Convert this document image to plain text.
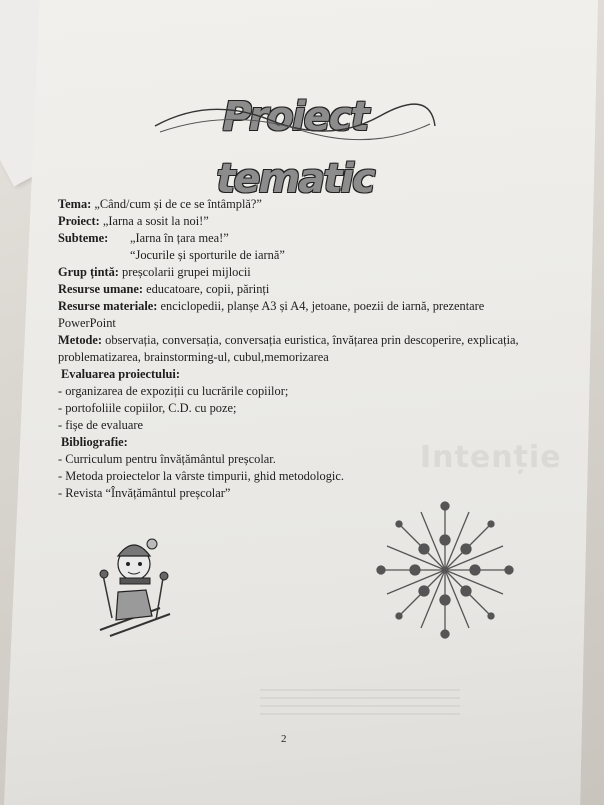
Proiect tematic
Tema: „Când/cum și de ce se întâmplă?”
Proiect: „Iarna a sosit la noi!”
Subteme: „Iarna în țara mea!”
“Jocurile și sporturile de iarnă”
Grup țintă: preșcolarii grupei mijlocii
Resurse umane: educatoare, copii, părinți
Resurse materiale: enciclopedii, planșe A3 și A4, jetoane, poezii de iarnă, prezentare
PowerPoint
Metode: observația, conversația, conversația euristica, învățarea prin descoperire, explicația,
problematizarea, brainstorming-ul, cubul,memorizarea
Evaluarea proiectului:
- organizarea de expoziții cu lucrările copiilor;
- portofoliile copiilor, C.D. cu poze;
- fișe de evaluare
Bibliografie:
- Curriculum pentru învățământul preșcolar.
- Metoda proiectelor la vârste timpurii, ghid metodologic.
- Revista “Învățământul preșcolar”
Intenție
2
